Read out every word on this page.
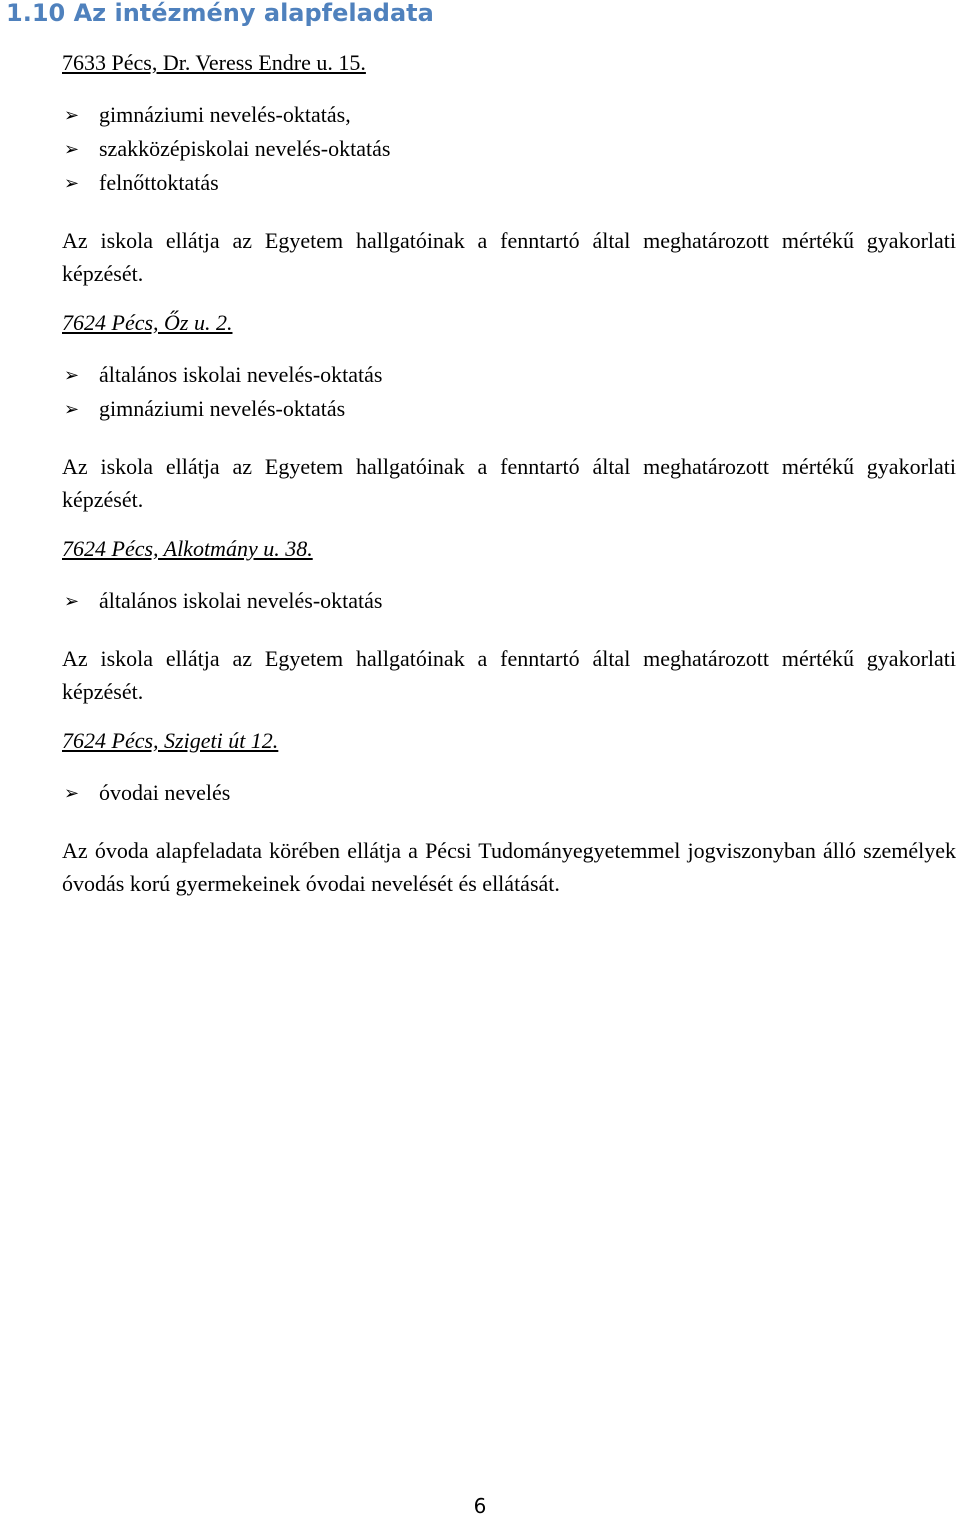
1.10 Az intézmény alapfeladata

7633 Pécs, Dr. Veress Endre u. 15.

➢ gimnáziumi nevelés-oktatás,
➢ szakközépiskolai nevelés-oktatás
➢ felnőttoktatás

Az iskola ellátja az Egyetem hallgatóinak a fenntartó által meghatározott mértékű gyakorlati képzését.

7624 Pécs, Őz u. 2.

➢ általános iskolai nevelés-oktatás
➢ gimnáziumi nevelés-oktatás

Az iskola ellátja az Egyetem hallgatóinak a fenntartó által meghatározott mértékű gyakorlati képzését.

7624 Pécs, Alkotmány u. 38.

➢ általános iskolai nevelés-oktatás

Az iskola ellátja az Egyetem hallgatóinak a fenntartó által meghatározott mértékű gyakorlati képzését.

7624 Pécs, Szigeti út 12.

➢ óvodai nevelés

Az óvoda alapfeladata körében ellátja a Pécsi Tudományegyetemmel jogviszonyban álló személyek óvodás korú gyermekeinek óvodai nevelését és ellátását.

6
